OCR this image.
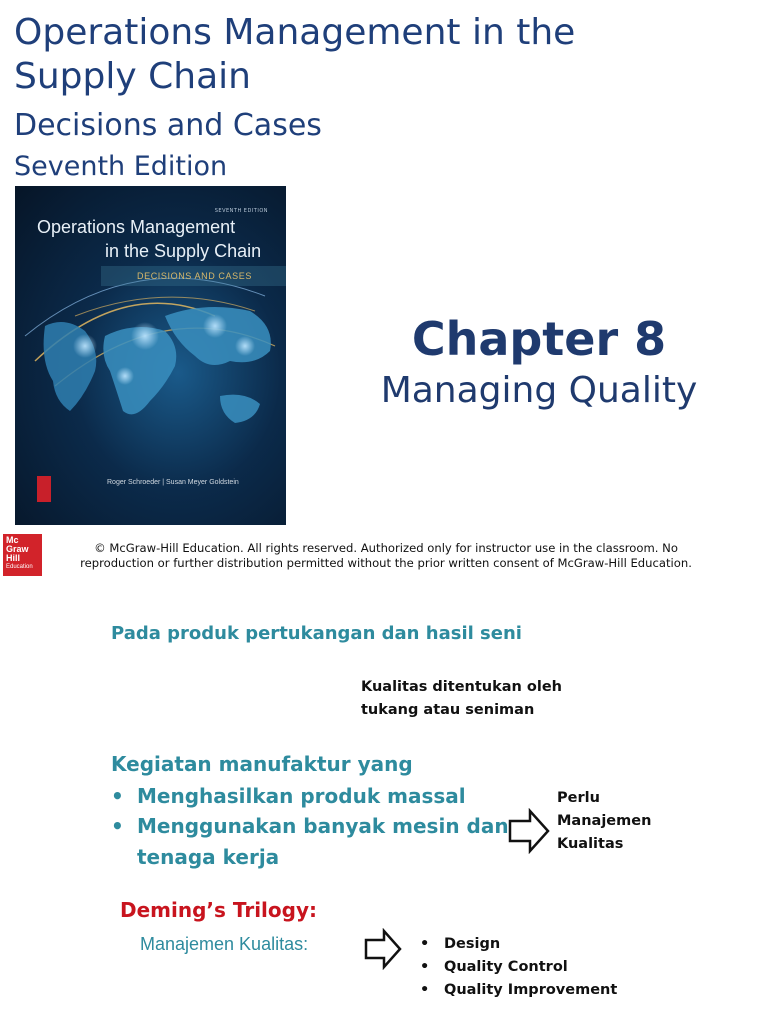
Operations Management in the
Supply Chain
Decisions and Cases
Seventh Edition
SEVENTH EDITION
Operations Management
in the Supply Chain
DECISIONS AND CASES
Roger Schroeder | Susan Meyer Goldstein
Chapter 8
Managing Quality
Mc
Graw
Hill
Education
© McGraw-Hill Education. All rights reserved. Authorized only for instructor use in the classroom. No
reproduction or further distribution permitted without the prior written consent of McGraw-Hill Education.
Pada produk pertukangan dan hasil seni
Kualitas ditentukan oleh
tukang atau seniman
Kegiatan manufaktur yang
• Menghasilkan produk massal
• Menggunakan banyak mesin dan
tenaga kerja
Perlu
Manajemen
Kualitas
Deming’s Trilogy:
Manajemen Kualitas:
•	Design
• Quality Control
• Quality Improvement
